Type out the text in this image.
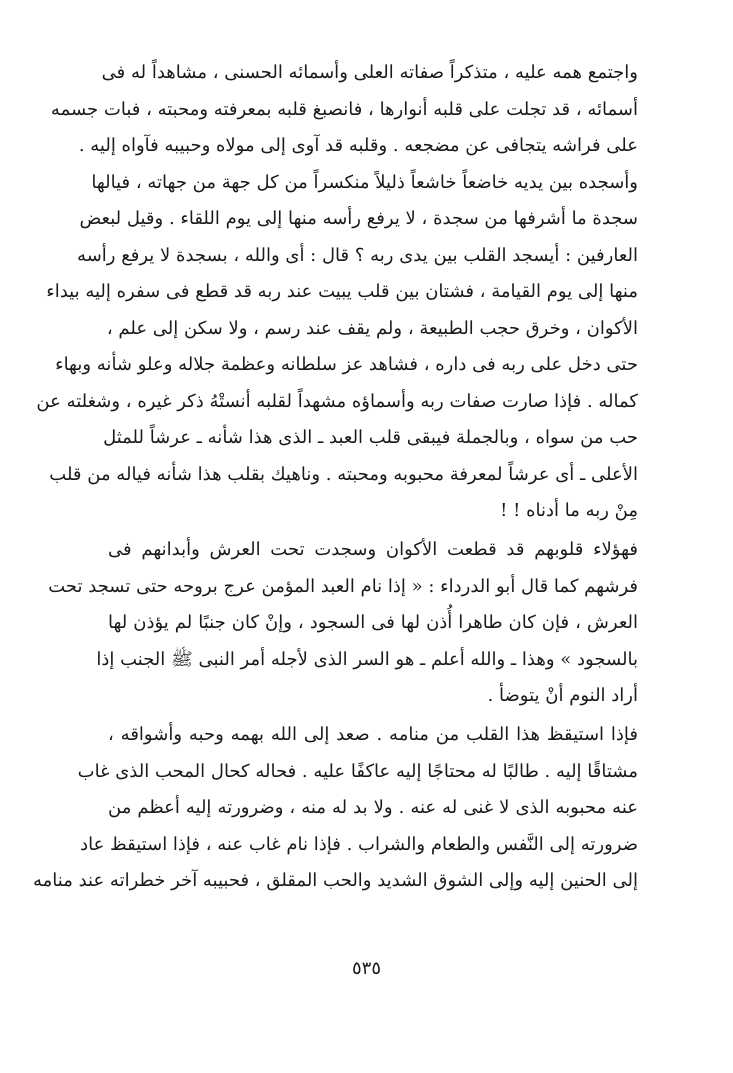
واجتمع همه عليه ، متذكراً صفاته العلى وأسمائه الحسنى ، مشاهداً له فى
أسمائه ، قد تجلت على قلبه أنوارها ، فانصبغ قلبه بمعرفته ومحبته ، فبات جسمه
على فراشه يتجافى عن مضجعه . وقلبه قد آوى إلى مولاه وحبيبه فآواه إليه .
وأسجده بين يديه خاضعاً خاشعاً ذليلاً منكسراً من كل جهة من جهاته ، فيالها
سجدة ما أشرفها من سجدة ، لا يرفع رأسه منها إلى يوم اللقاء . وقيل لبعض
العارفين : أيسجد القلب بين يدى ربه ؟ قال : أى والله ، بسجدة لا يرفع رأسه
منها إلى يوم القيامة ، فشتان بين قلب يبيت عند ربه قد قطع فى سفره إليه بيداء
الأكوان ، وخرق حجب الطبيعة ، ولم يقف عند رسم ، ولا سكن إلى علم ،
حتى دخل على ربه فى داره ، فشاهد عز سلطانه وعظمة جلاله وعلو شأنه وبهاء
كماله . فإذا صارت صفات ربه وأسماؤه مشهداً لقلبه أنستْهُ ذكر غيره ، وشغلته عن
حب من سواه ، وبالجملة فيبقى قلب العبد ـ الذى هذا شأنه ـ عرشاً للمثل
الأعلى ـ أى عرشاً لمعرفة محبوبه ومحبته . وناهيك بقلب هذا شأنه فياله من قلب
مِنْ ربه ما أدناه ! !
فهؤلاء قلوبهم قد قطعت الأكوان وسجدت تحت العرش وأبدانهم فى
فرشهم كما قال أبو الدرداء : « إذا نام العبد المؤمن عرج بروحه حتى تسجد تحت
العرش ، فإن كان طاهرا أُذن لها فى السجود ، وإنْ كان جنبًا لم يؤذن لها
بالسجود » وهذا ـ والله أعلم ـ هو السر الذى لأجله أمر النبى ﷺ الجنب إذا
أراد النوم أنْ يتوضأ .
فإذا استيقظ هذا القلب من منامه . صعد إلى الله بهمه وحبه وأشواقه ،
مشتاقًا إليه . طالبًا له محتاجًا إليه عاكفًا عليه . فحاله كحال المحب الذى غاب
عنه محبوبه الذى لا غنى له عنه . ولا بد له منه ، وضرورته إليه أعظم من
ضرورته إلى النَّفس والطعام والشراب . فإذا نام غاب عنه ، فإذا استيقظ عاد
إلى الحنين إليه وإلى الشوق الشديد والحب المقلق ، فحبيبه آخر خطراته عند منامه
٥٣٥
